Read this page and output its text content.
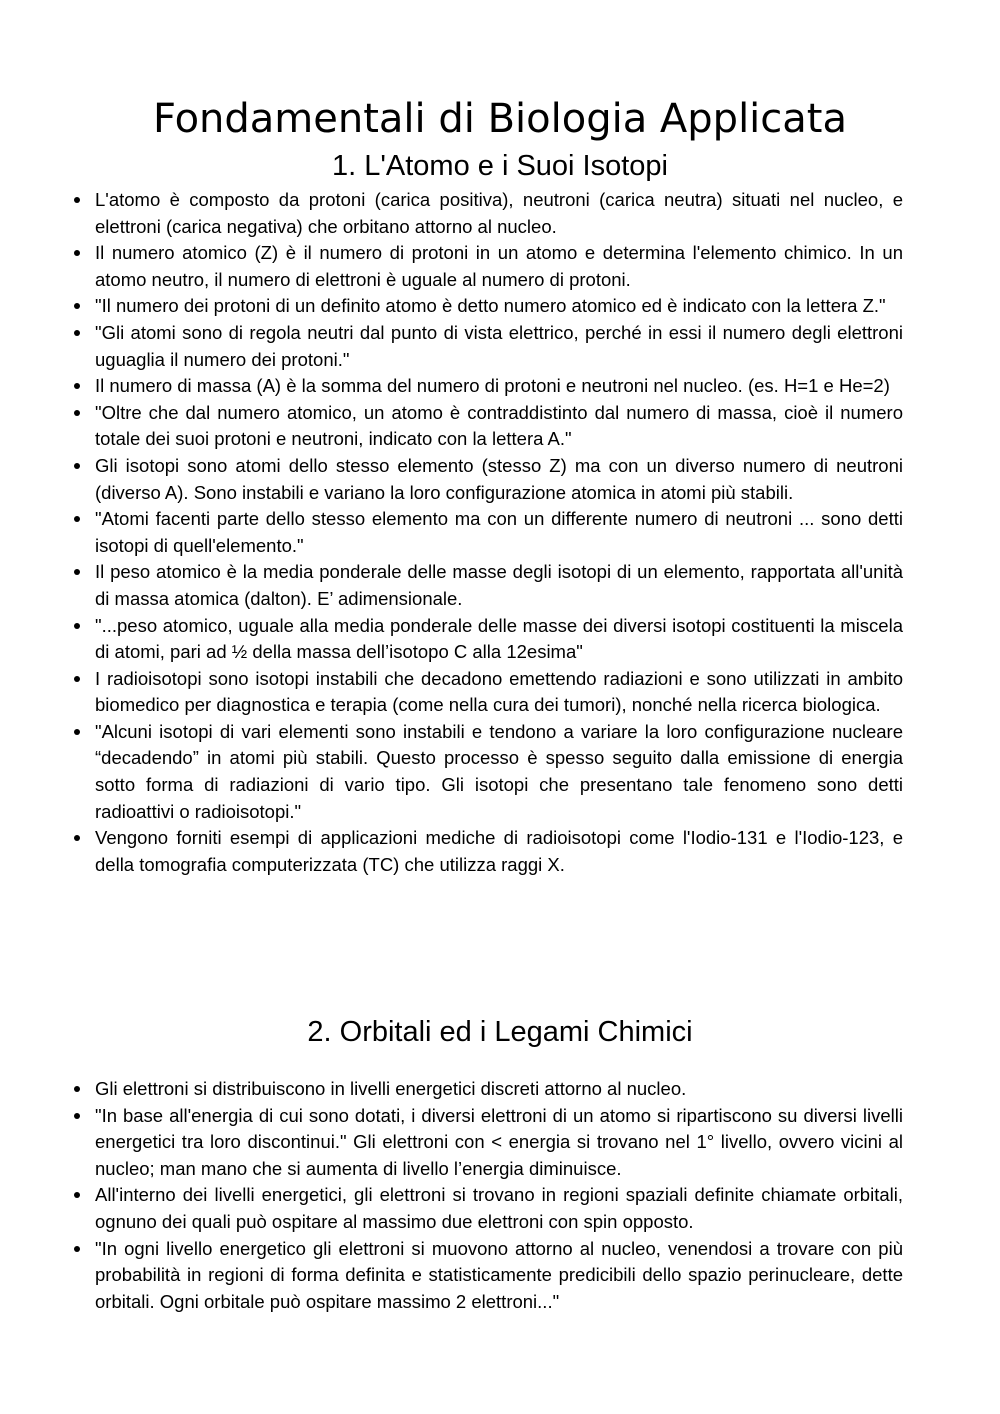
Fondamentali di Biologia Applicata
1. L'Atomo e i Suoi Isotopi
L'atomo è composto da protoni (carica positiva), neutroni (carica neutra) situati nel nucleo, e elettroni (carica negativa) che orbitano attorno al nucleo.
Il numero atomico (Z) è il numero di protoni in un atomo e determina l'elemento chimico. In un atomo neutro, il numero di elettroni è uguale al numero di protoni.
"Il numero dei protoni di un definito atomo è detto numero atomico ed è indicato con la lettera Z."
"Gli atomi sono di regola neutri dal punto di vista elettrico, perché in essi il numero degli elettroni uguaglia il numero dei protoni."
Il numero di massa (A) è la somma del numero di protoni e neutroni nel nucleo. (es. H=1 e He=2)
"Oltre che dal numero atomico, un atomo è contraddistinto dal numero di massa, cioè il numero totale dei suoi protoni e neutroni, indicato con la lettera A."
Gli isotopi sono atomi dello stesso elemento (stesso Z) ma con un diverso numero di neutroni (diverso A). Sono instabili e variano la loro configurazione atomica in atomi più stabili.
"Atomi facenti parte dello stesso elemento ma con un differente numero di neutroni ... sono detti isotopi di quell'elemento."
Il peso atomico è la media ponderale delle masse degli isotopi di un elemento, rapportata all'unità di massa atomica (dalton). E’ adimensionale.
"...peso atomico, uguale alla media ponderale delle masse dei diversi isotopi costituenti la miscela di atomi, pari ad ½ della massa dell’isotopo C alla 12esima"
I radioisotopi sono isotopi instabili che decadono emettendo radiazioni e sono utilizzati in ambito biomedico per diagnostica e terapia (come nella cura dei tumori), nonché nella ricerca biologica.
"Alcuni isotopi di vari elementi sono instabili e tendono a variare la loro configurazione nucleare “decadendo” in atomi più stabili. Questo processo è spesso seguito dalla emissione di energia sotto forma di radiazioni di vario tipo. Gli isotopi che presentano tale fenomeno sono detti radioattivi o radioisotopi."
Vengono forniti esempi di applicazioni mediche di radioisotopi come l'Iodio-131 e l'Iodio-123, e della tomografia computerizzata (TC) che utilizza raggi X.
2. Orbitali ed i Legami Chimici
Gli elettroni si distribuiscono in livelli energetici discreti attorno al nucleo.
"In base all'energia di cui sono dotati, i diversi elettroni di un atomo si ripartiscono su diversi livelli energetici tra loro discontinui." Gli elettroni con < energia si trovano nel 1° livello, ovvero vicini al nucleo; man mano che si aumenta di livello l’energia diminuisce.
All'interno dei livelli energetici, gli elettroni si trovano in regioni spaziali definite chiamate orbitali, ognuno dei quali può ospitare al massimo due elettroni con spin opposto.
"In ogni livello energetico gli elettroni si muovono attorno al nucleo, venendosi a trovare con più probabilità in regioni di forma definita e statisticamente predicibili dello spazio perinucleare, dette orbitali. Ogni orbitale può ospitare massimo 2 elettroni..."
